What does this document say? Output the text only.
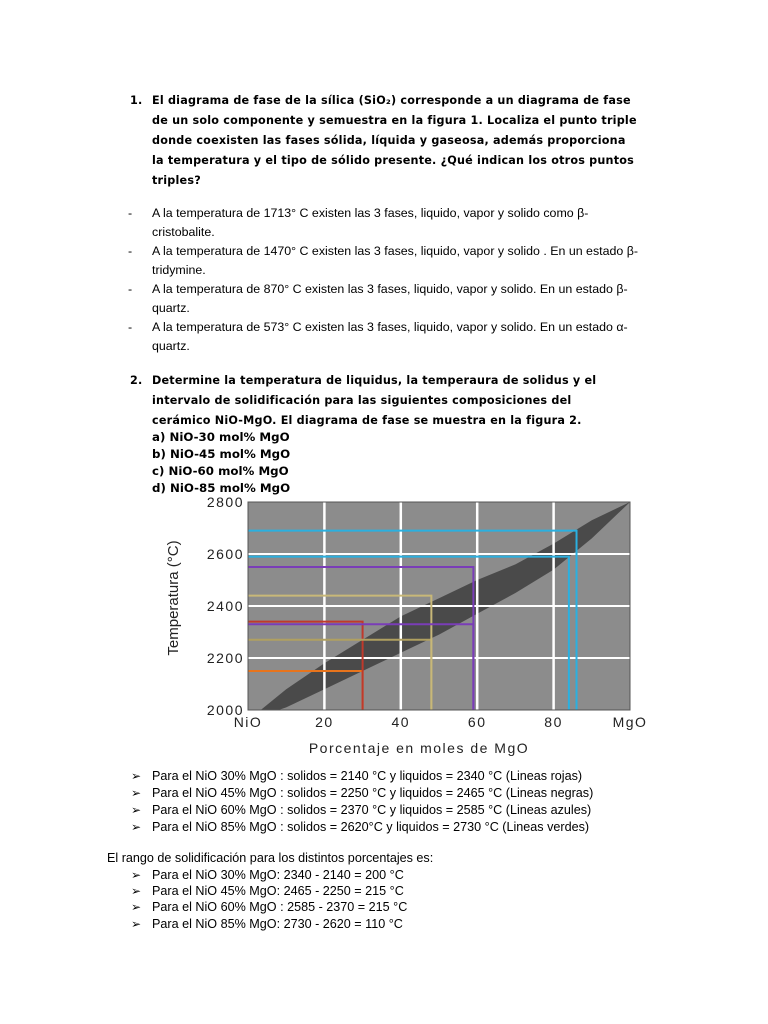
1. El diagrama de fase de la sílica (SiO₂) corresponde a un diagrama de fase
de un solo componente y semuestra en la figura 1. Localiza el punto triple
donde coexisten las fases sólida, líquida y gaseosa, además proporciona
la temperatura y el tipo de sólido presente. ¿Qué indican los otros puntos
triples?
- A la temperatura de 1713° C existen las 3 fases, liquido, vapor y solido como β-
cristobalite.
- A la temperatura de 1470° C existen las 3 fases, liquido, vapor y solido . En un estado β-
tridymine.
- A la temperatura de 870° C existen las 3 fases, liquido, vapor y solido. En un estado β-
quartz.
- A la temperatura de 573° C existen las 3 fases, liquido, vapor y solido. En un estado α-
quartz.
2. Determine la temperatura de liquidus, la temperaura de solidus y el
intervalo de solidificación para las siguientes composiciones del
cerámico NiO-MgO. El diagrama de fase se muestra en la figura 2.
a) NiO-30 mol% MgO
b) NiO-45 mol% MgO
c) NiO-60 mol% MgO
d) NiO-85 mol% MgO
2000
2200
2400
2600
2800
NiO	20	40	60	80	MgO
Porcentaje en moles de MgO
Temperatura (°C)
➢ Para el NiO 30% MgO : solidos = 2140 °C y liquidos = 2340 °C (Lineas rojas)
➢ Para el NiO 45% MgO : solidos = 2250 °C y liquidos = 2465 °C (Lineas negras)
➢ Para el NiO 60% MgO : solidos = 2370 °C y liquidos = 2585 °C (Lineas azules)
➢ Para el NiO 85% MgO : solidos = 2620°C y liquidos = 2730 °C (Lineas verdes)
El rango de solidificación para los distintos porcentajes es:
➢ Para el NiO 30% MgO: 2340 - 2140 = 200 °C
➢ Para el NiO 45% MgO: 2465 - 2250 = 215 °C
➢ Para el NiO 60% MgO : 2585 - 2370 = 215 °C
➢ Para el NiO 85% MgO: 2730 - 2620 = 110 °C
